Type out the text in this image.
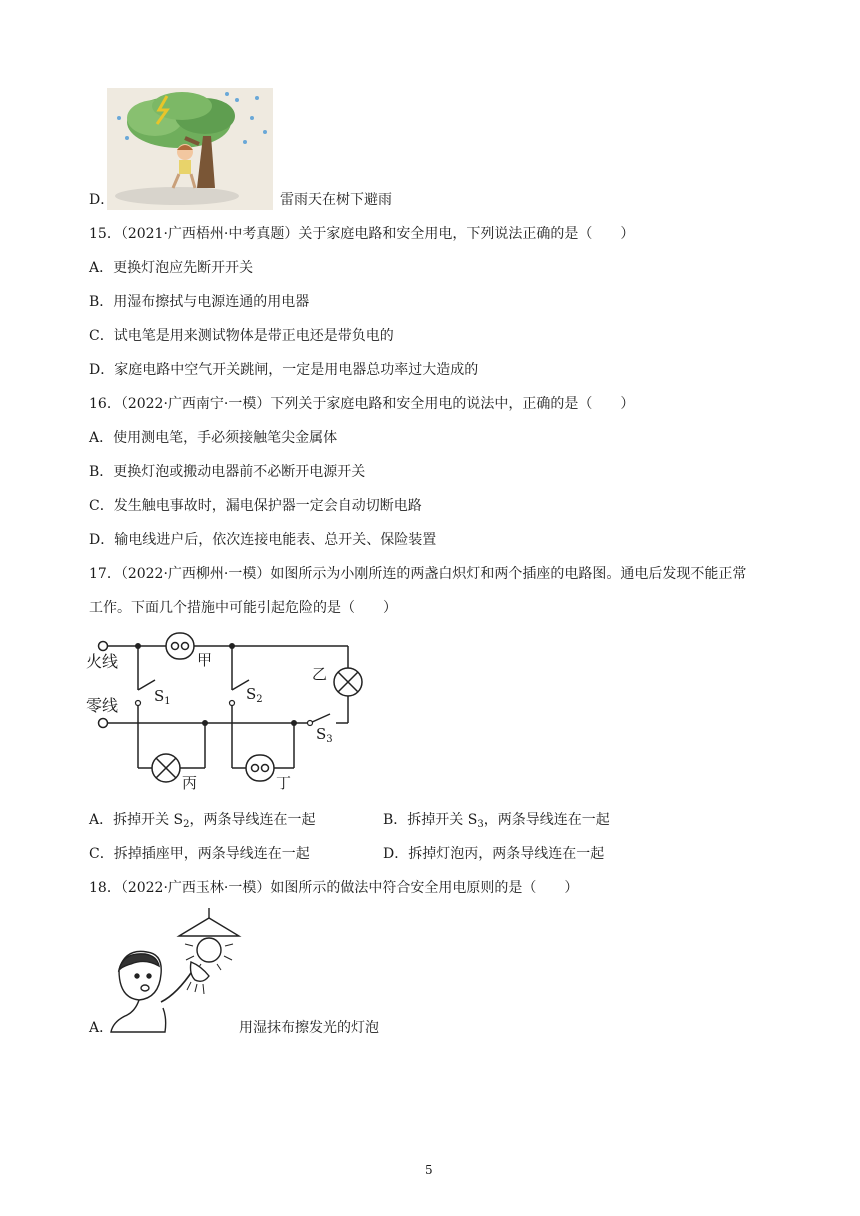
D．	雷雨天在树下避雨
15．（2021·广西梧州·中考真题）关于家庭电路和安全用电，下列说法正确的是（　　）
A．更换灯泡应先断开开关
B．用湿布擦拭与电源连通的用电器
C．试电笔是用来测试物体是带正电还是带负电的
D．家庭电路中空气开关跳闸，一定是用电器总功率过大造成的
16．（2022·广西南宁·一模）下列关于家庭电路和安全用电的说法中，正确的是（　　）
A．使用测电笔，手必须接触笔尖金属体
B．更换灯泡或搬动电器前不必断开电源开关
C．发生触电事故时，漏电保护器一定会自动切断电路
D．输电线进户后，依次连接电能表、总开关、保险装置
17．（2022·广西柳州·一模）如图所示为小刚所连的两盏白炽灯和两个插座的电路图。通电后发现不能正常
工作。下面几个措施中可能引起危险的是（　　）
火线
零线
甲
乙
丙	丁
$S_1$	$S_2$
$S_3$
A．拆掉开关 $S_2$，两条导线连在一起	B．拆掉开关 $S_3$，两条导线连在一起
C．拆掉插座甲，两条导线连在一起	D．拆掉灯泡丙，两条导线连在一起
18．（2022·广西玉林·一模）如图所示的做法中符合安全用电原则的是（　　）
A．	用湿抹布擦发光的灯泡
5
